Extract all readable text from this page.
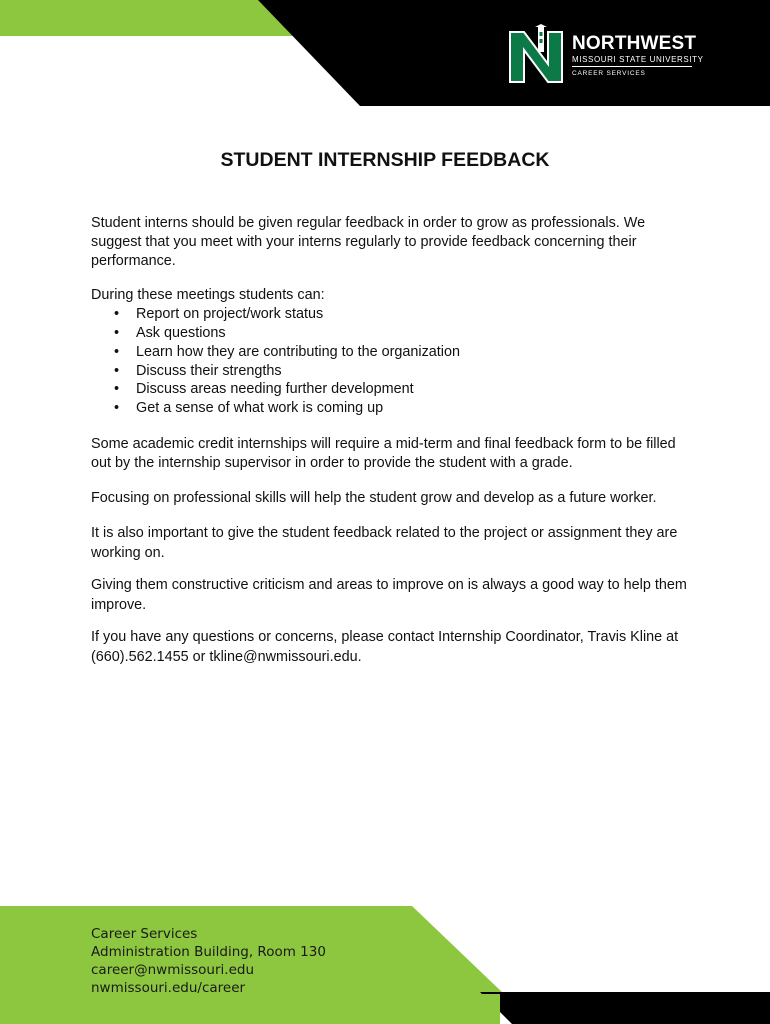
NORTHWEST
MISSOURI STATE UNIVERSITY
CAREER SERVICES
STUDENT INTERNSHIP FEEDBACK

Student interns should be given regular feedback in order to grow as professionals. We suggest that you meet with your interns regularly to provide feedback concerning their performance.

During these meetings students can:

• Report on project/work status
• Ask questions
• Learn how they are contributing to the organization
• Discuss their strengths
• Discuss areas needing further development
• Get a sense of what work is coming up

Some academic credit internships will require a mid-term and final feedback form to be filled out by the internship supervisor in order to provide the student with a grade.

Focusing on professional skills will help the student grow and develop as a future worker.

It is also important to give the student feedback related to the project or assignment they are working on.

Giving them constructive criticism and areas to improve on is always a good way to help them improve.

If you have any questions or concerns, please contact Internship Coordinator, Travis Kline at (660).562.1455 or tkline@nwmissouri.edu.

Career Services
Administration Building, Room 130
career@nwmissouri.edu
nwmissouri.edu/career
